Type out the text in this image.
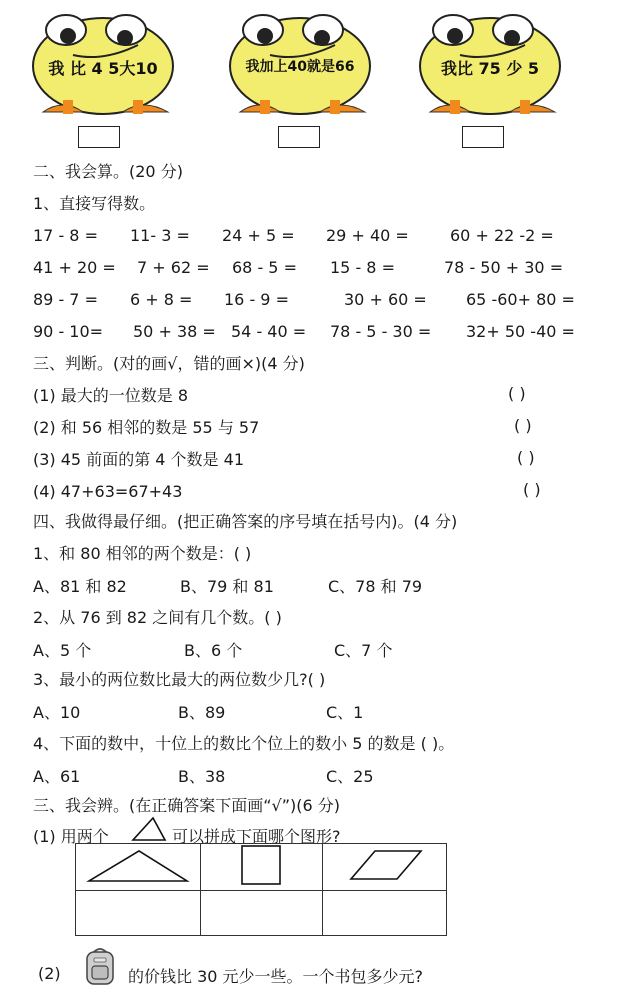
我 比 4 5大10	我加上40就是66	我比 75 少 5
二、我会算。(20 分)
1、直接写得数。
17 - 8 = 11- 3 = 24 + 5 = 29 + 40 =	60 + 22 -2 =
41 + 20 = 7 + 62 = 68 - 5 = 15 - 8 =	78 - 50 + 30 =
89 - 7 = 6 + 8 = 16 - 9 =	30 + 60 = 65 -60+ 80 =
90 - 10= 50 + 38 = 54 - 40 = 78 - 5 - 30 = 32+ 50 -40 =
三、判断。(对的画√，错的画×)(4 分)
(1) 最大的一位数是 8	( )
(2) 和 56 相邻的数是 55 与 57	( )
(3) 45 前面的第 4 个数是 41	( )
(4) 47+63=67+43	( )
四、我做得最仔细。(把正确答案的序号填在括号内)。(4 分)
1、和 80 相邻的两个数是：( )
A、81 和 82	B、79 和 81	C、78 和 79
2、从 76 到 82 之间有几个数。( )
A、5 个	B、6 个	C、7 个
3、最小的两位数比最大的两位数少几?( )
A、10	B、89	C、1
4、下面的数中，十位上的数比个位上的数小 5 的数是 ( )。
A、61	B、38	C、25
三、我会辨。(在正确答案下面画“√”)(6 分)
(1) 用两个	可以拼成下面哪个图形?

(2)	的价钱比 30 元少一些。一个书包多少元?
